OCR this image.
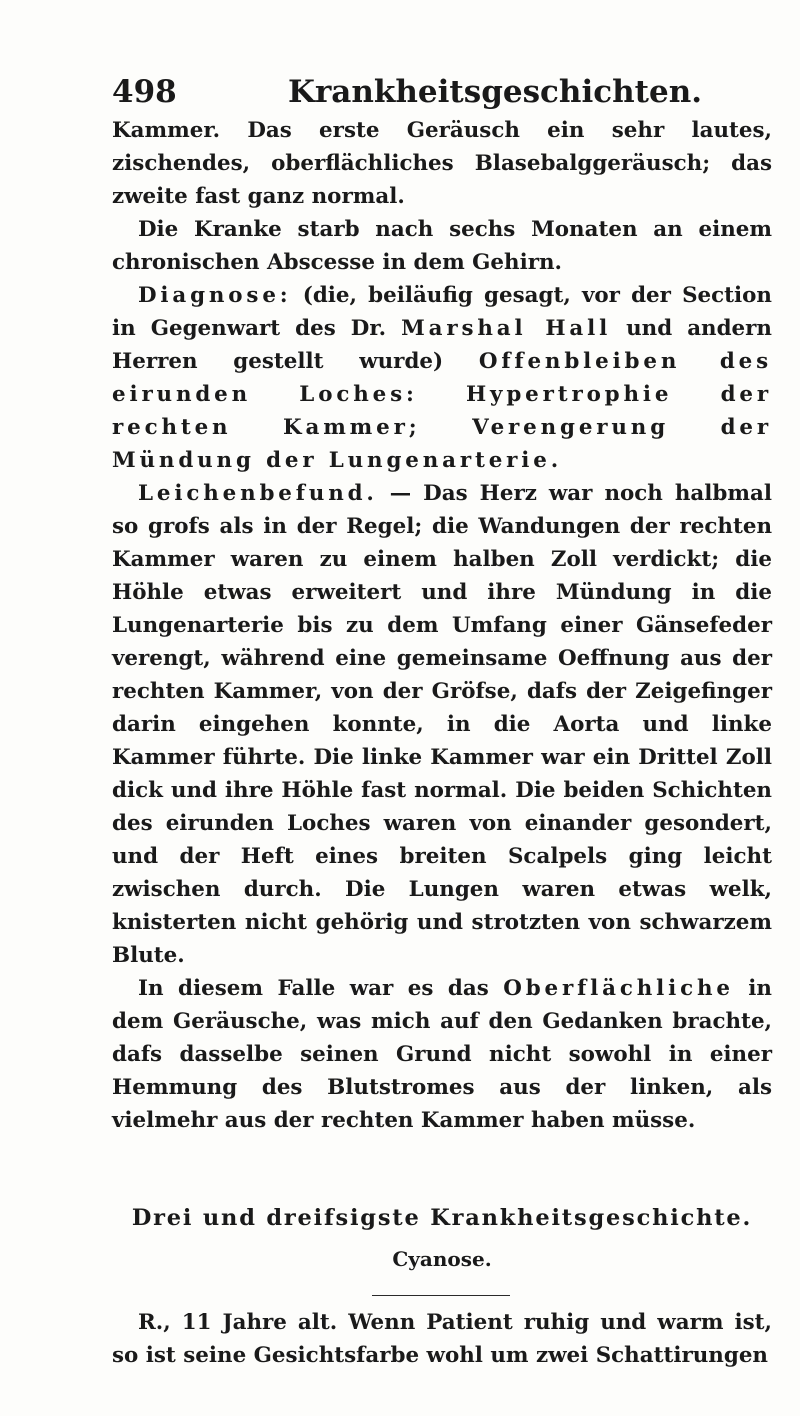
498	Krankheitsgeschichten.

Kammer. Das erste Geräusch ein sehr lautes, zischendes, oberflächliches Blasebalggeräusch; das zweite fast ganz normal.

Die Kranke starb nach sechs Monaten an einem chronischen Abscesse in dem Gehirn.

Diagnose: (die, beiläufig gesagt, vor der Section in Gegenwart des Dr. Marshal Hall und andern Herren gestellt wurde) Offenbleiben des eirunden Loches: Hypertrophie der rechten Kammer; Verengerung der Mündung der Lungenarterie.

Leichenbefund. — Das Herz war noch halbmal so grofs als in der Regel; die Wandungen der rechten Kammer waren zu einem halben Zoll verdickt; die Höhle etwas erweitert und ihre Mündung in die Lungenarterie bis zu dem Umfang einer Gänsefeder verengt, während eine gemeinsame Oeffnung aus der rechten Kammer, von der Gröfse, dafs der Zeigefinger darin eingehen konnte, in die Aorta und linke Kammer führte. Die linke Kammer war ein Drittel Zoll dick und ihre Höhle fast normal. Die beiden Schichten des eirunden Loches waren von einander gesondert, und der Heft eines breiten Scalpels ging leicht zwischen durch. Die Lungen waren etwas welk, knisterten nicht gehörig und strotzten von schwarzem Blute.

In diesem Falle war es das Oberflächliche in dem Geräusche, was mich auf den Gedanken brachte, dafs dasselbe seinen Grund nicht sowohl in einer Hemmung des Blutstromes aus der linken, als vielmehr aus der rechten Kammer haben müsse.

Drei und dreifsigste Krankheitsgeschichte.
Cyanose.

R., 11 Jahre alt. Wenn Patient ruhig und warm ist, so ist seine Gesichtsfarbe wohl um zwei Schattirungen
